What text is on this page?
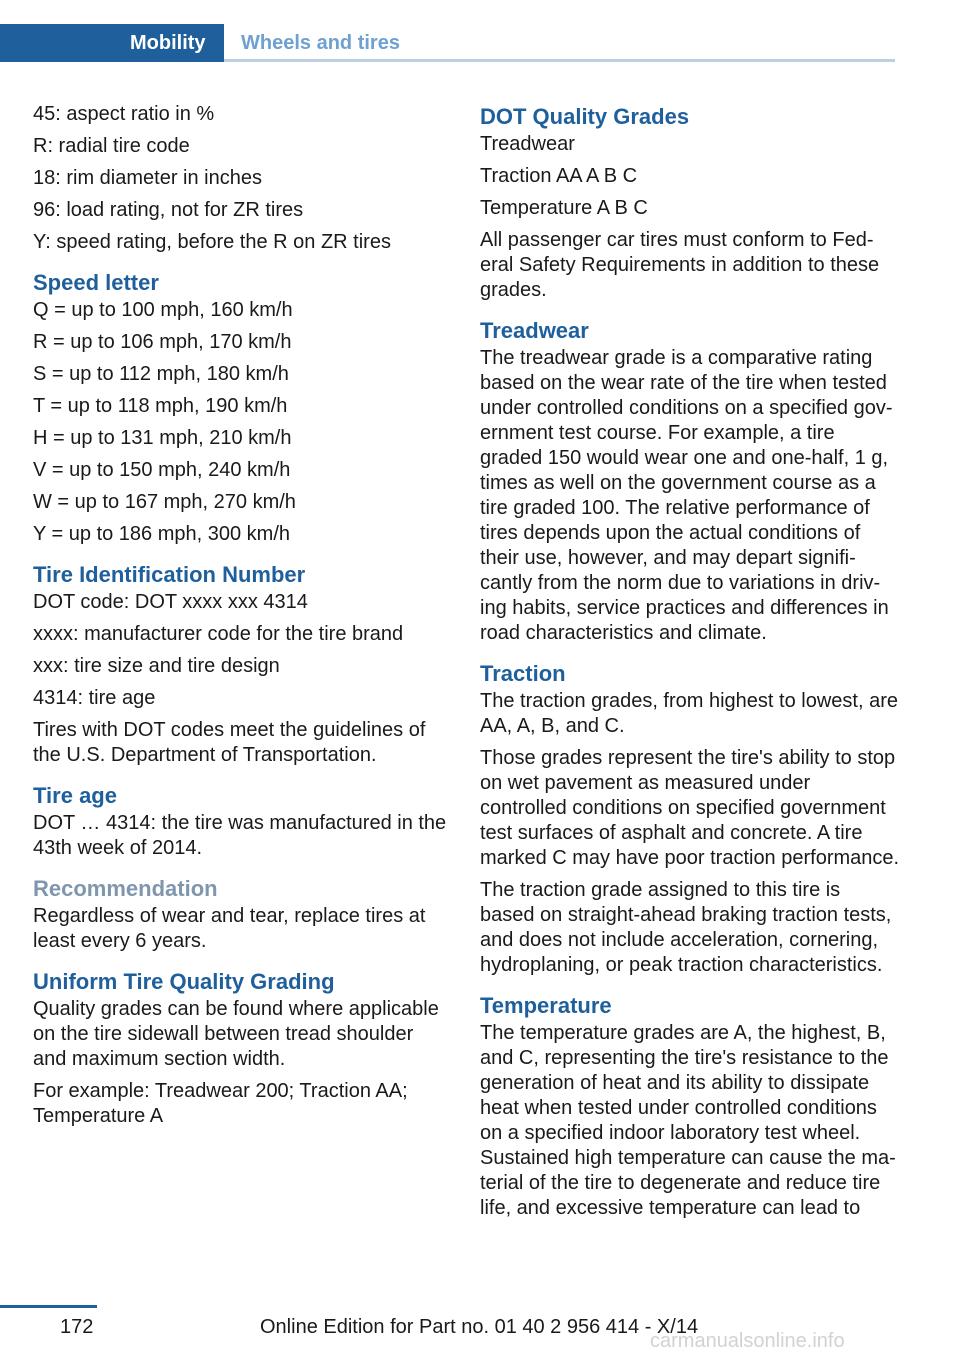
Mobility	Wheels and tires

45: aspect ratio in %

R: radial tire code

18: rim diameter in inches

96: load rating, not for ZR tires

Y: speed rating, before the R on ZR tires

Speed letter

Q = up to 100 mph, 160 km/h

R = up to 106 mph, 170 km/h

S = up to 112 mph, 180 km/h

T = up to 118 mph, 190 km/h

H = up to 131 mph, 210 km/h

V = up to 150 mph, 240 km/h

W = up to 167 mph, 270 km/h

Y = up to 186 mph, 300 km/h

Tire Identification Number

DOT code: DOT xxxx xxx 4314

xxxx: manufacturer code for the tire brand

xxx: tire size and tire design

4314: tire age

Tires with DOT codes meet the guidelines of the U.S. Department of Transportation.

Tire age

DOT … 4314: the tire was manufactured in the 43th week of 2014.

Recommendation

Regardless of wear and tear, replace tires at least every 6 years.

Uniform Tire Quality Grading

Quality grades can be found where applicable on the tire sidewall between tread shoulder and maximum section width.

For example: Treadwear 200; Traction AA; Temperature A

DOT Quality Grades

Treadwear

Traction AA A B C

Temperature A B C

All passenger car tires must conform to Fed‐eral Safety Requirements in addition to these grades.

Treadwear

The treadwear grade is a comparative rating based on the wear rate of the tire when tested under controlled conditions on a specified gov‐ernment test course. For example, a tire graded 150 would wear one and one-half, 1 g, times as well on the government course as a tire graded 100. The relative performance of tires depends upon the actual conditions of their use, however, and may depart signifi‐cantly from the norm due to variations in driv‐ing habits, service practices and differences in road characteristics and climate.

Traction

The traction grades, from highest to lowest, are AA, A, B, and C.

Those grades represent the tire's ability to stop on wet pavement as measured under controlled conditions on specified government test surfaces of asphalt and concrete. A tire marked C may have poor traction performance.

The traction grade assigned to this tire is based on straight-ahead braking traction tests, and does not include acceleration, cornering, hydroplaning, or peak traction characteristics.

Temperature

The temperature grades are A, the highest, B, and C, representing the tire's resistance to the generation of heat and its ability to dissipate heat when tested under controlled conditions on a specified indoor laboratory test wheel. Sustained high temperature can cause the ma‐terial of the tire to degenerate and reduce tire life, and excessive temperature can lead to

172	Online Edition for Part no. 01 40 2 956 414 - X/14
carmanualsonline.info
